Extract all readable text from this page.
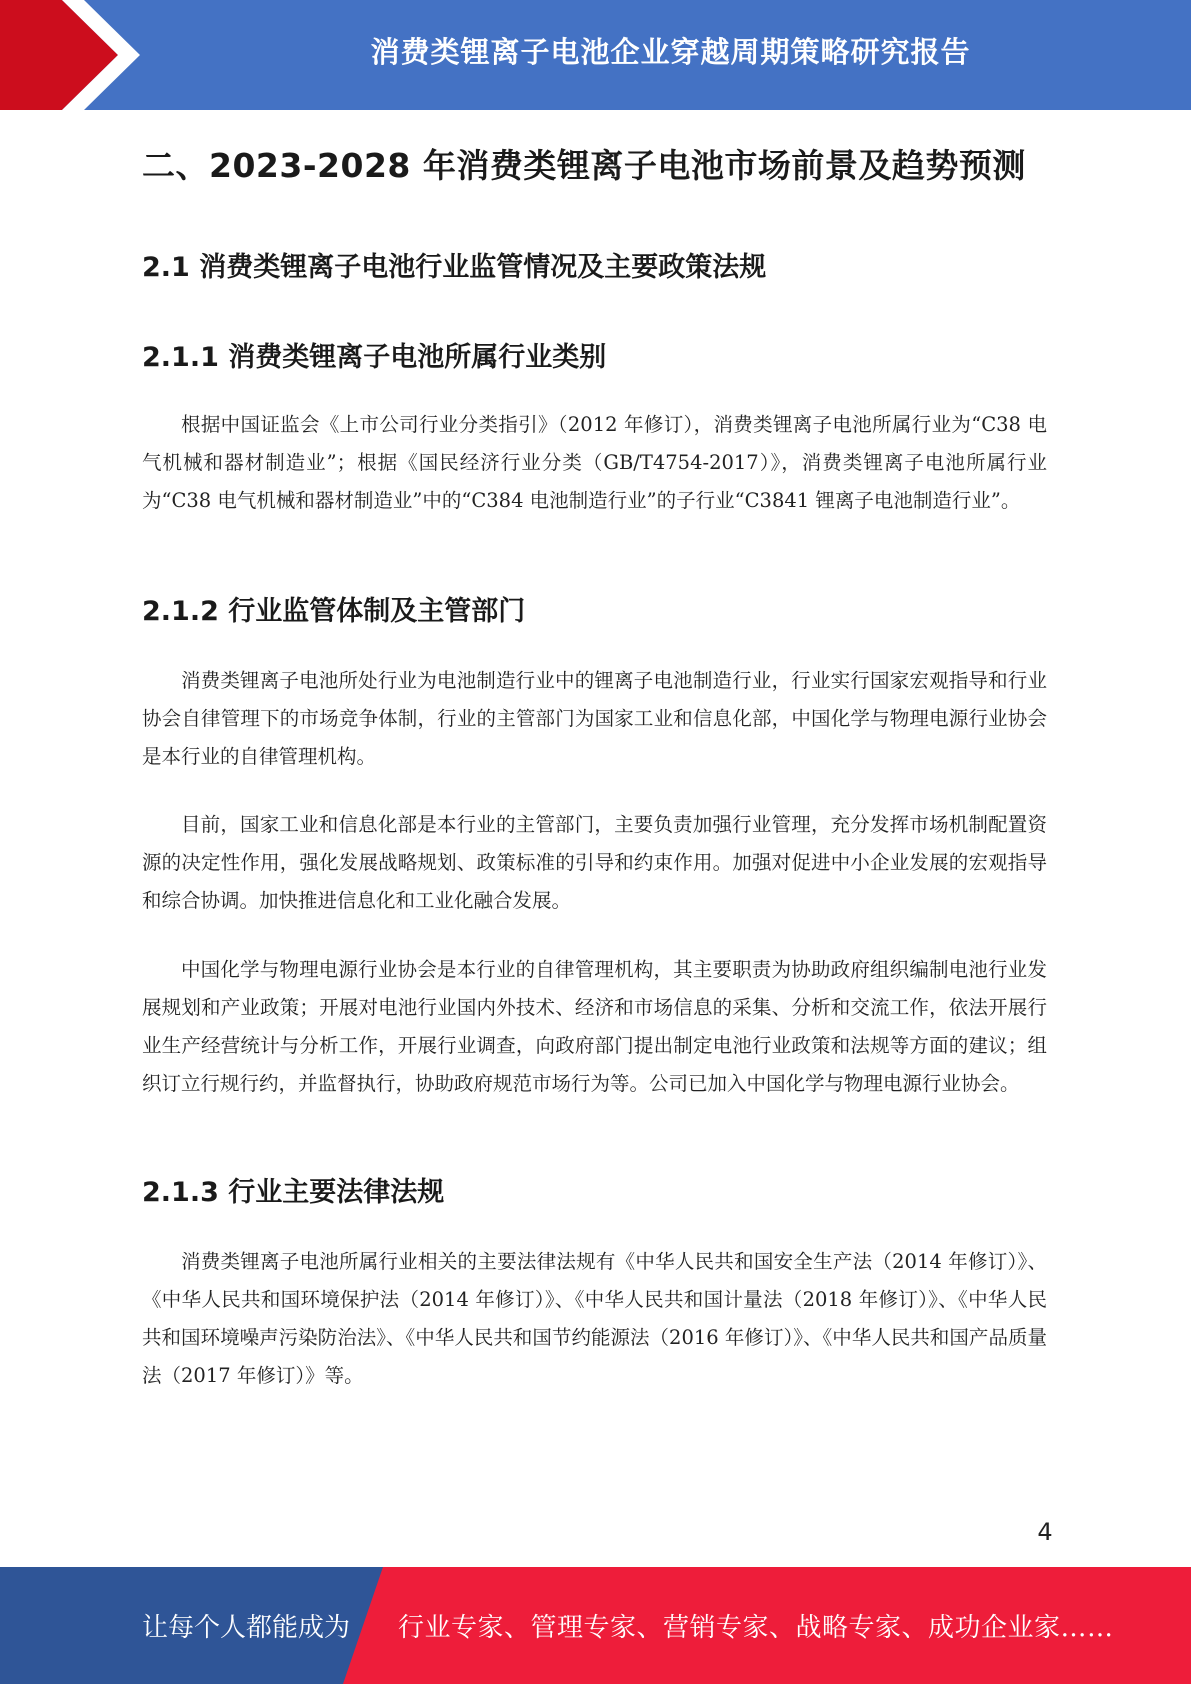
消费类锂离子电池企业穿越周期策略研究报告
二、2023-2028 年消费类锂离子电池市场前景及趋势预测
2.1 消费类锂离子电池行业监管情况及主要政策法规
2.1.1 消费类锂离子电池所属行业类别

根据中国证监会《上市公司行业分类指引》（2012 年修订），消费类锂离子电池所属行业为“C38 电气机械和器材制造业”；根据《国民经济行业分类（GB/T4754-2017）》，消费类锂离子电池所属行业为“C38 电气机械和器材制造业”中的“C384 电池制造行业”的子行业“C3841 锂离子电池制造行业”。

2.1.2 行业监管体制及主管部门

消费类锂离子电池所处行业为电池制造行业中的锂离子电池制造行业，行业实行国家宏观指导和行业协会自律管理下的市场竞争体制，行业的主管部门为国家工业和信息化部，中国化学与物理电源行业协会是本行业的自律管理机构。

目前，国家工业和信息化部是本行业的主管部门，主要负责加强行业管理，充分发挥市场机制配置资源的决定性作用，强化发展战略规划、政策标准的引导和约束作用。加强对促进中小企业发展的宏观指导和综合协调。加快推进信息化和工业化融合发展。

中国化学与物理电源行业协会是本行业的自律管理机构，其主要职责为协助政府组织编制电池行业发展规划和产业政策；开展对电池行业国内外技术、经济和市场信息的采集、分析和交流工作，依法开展行业生产经营统计与分析工作，开展行业调查，向政府部门提出制定电池行业政策和法规等方面的建议；组织订立行规行约，并监督执行，协助政府规范市场行为等。公司已加入中国化学与物理电源行业协会。

2.1.3 行业主要法律法规

消费类锂离子电池所属行业相关的主要法律法规有《中华人民共和国安全生产法（2014 年修订）》、《中华人民共和国环境保护法（2014 年修订）》、《中华人民共和国计量法（2018 年修订）》、《中华人民共和国环境噪声污染防治法》、《中华人民共和国节约能源法（2016 年修订）》、《中华人民共和国产品质量法（2017 年修订）》等。

4
让每个人都能成为 行业专家、管理专家、营销专家、战略专家、成功企业家……
